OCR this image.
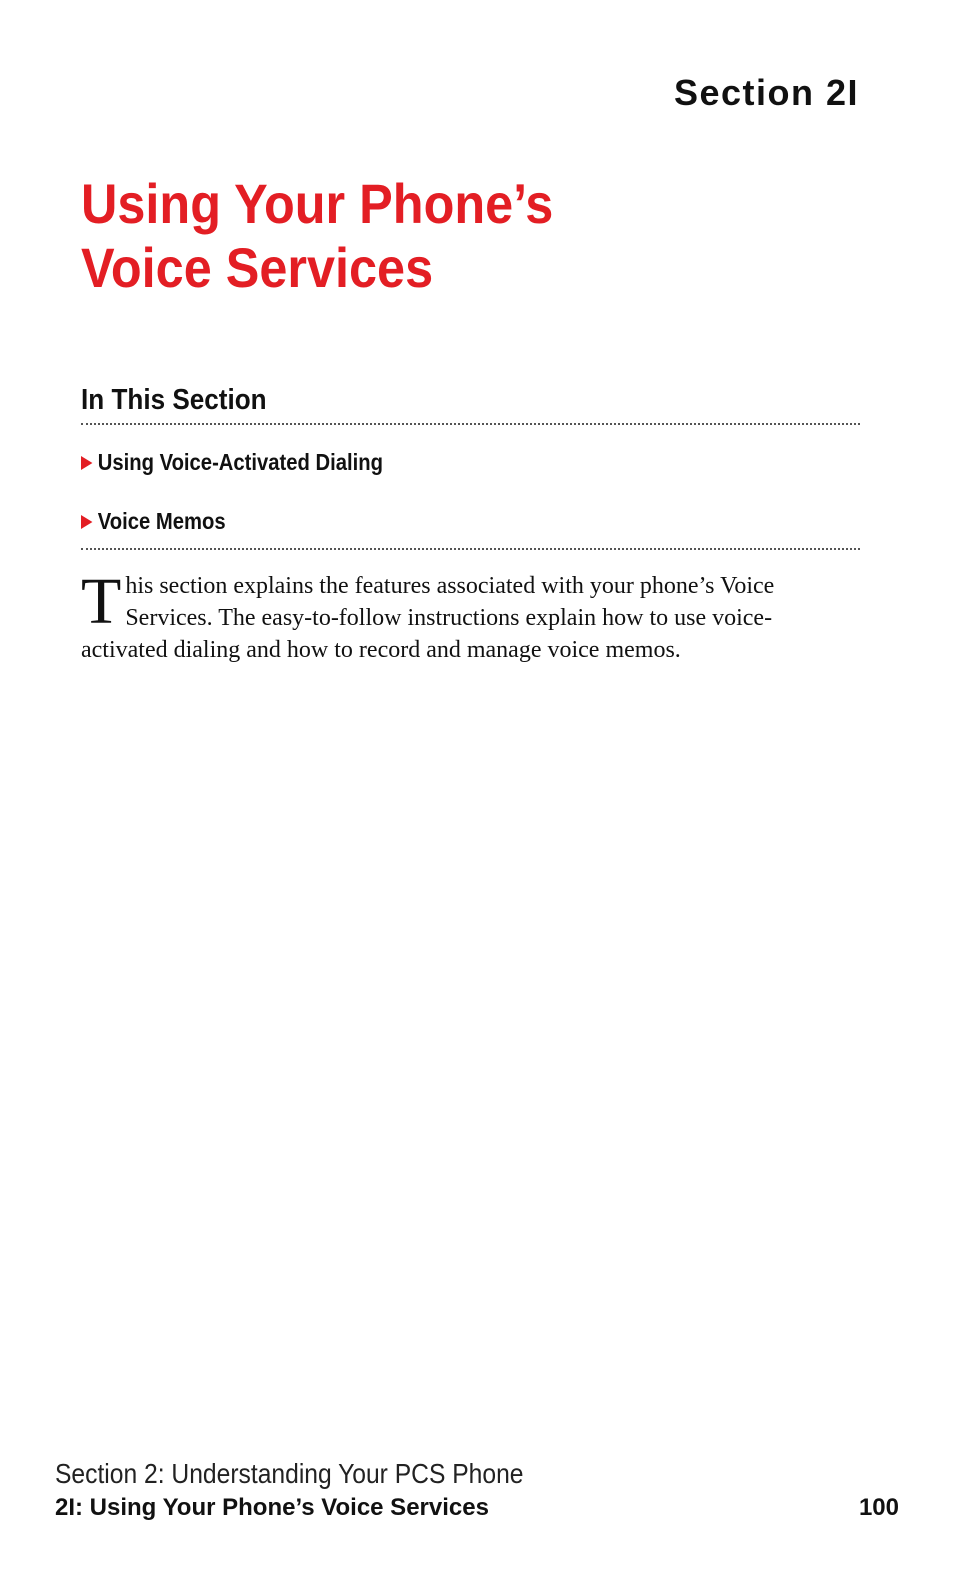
Section 2I
Using Your Phone’s
Voice Services
In This Section
Using Voice-Activated Dialing
Voice Memos
This section explains the features associated with your phone’s Voice Services. The easy-to-follow instructions explain how to use voice-activated dialing and how to record and manage voice memos.
Section 2: Understanding Your PCS Phone
2I: Using Your Phone’s Voice Services	100
